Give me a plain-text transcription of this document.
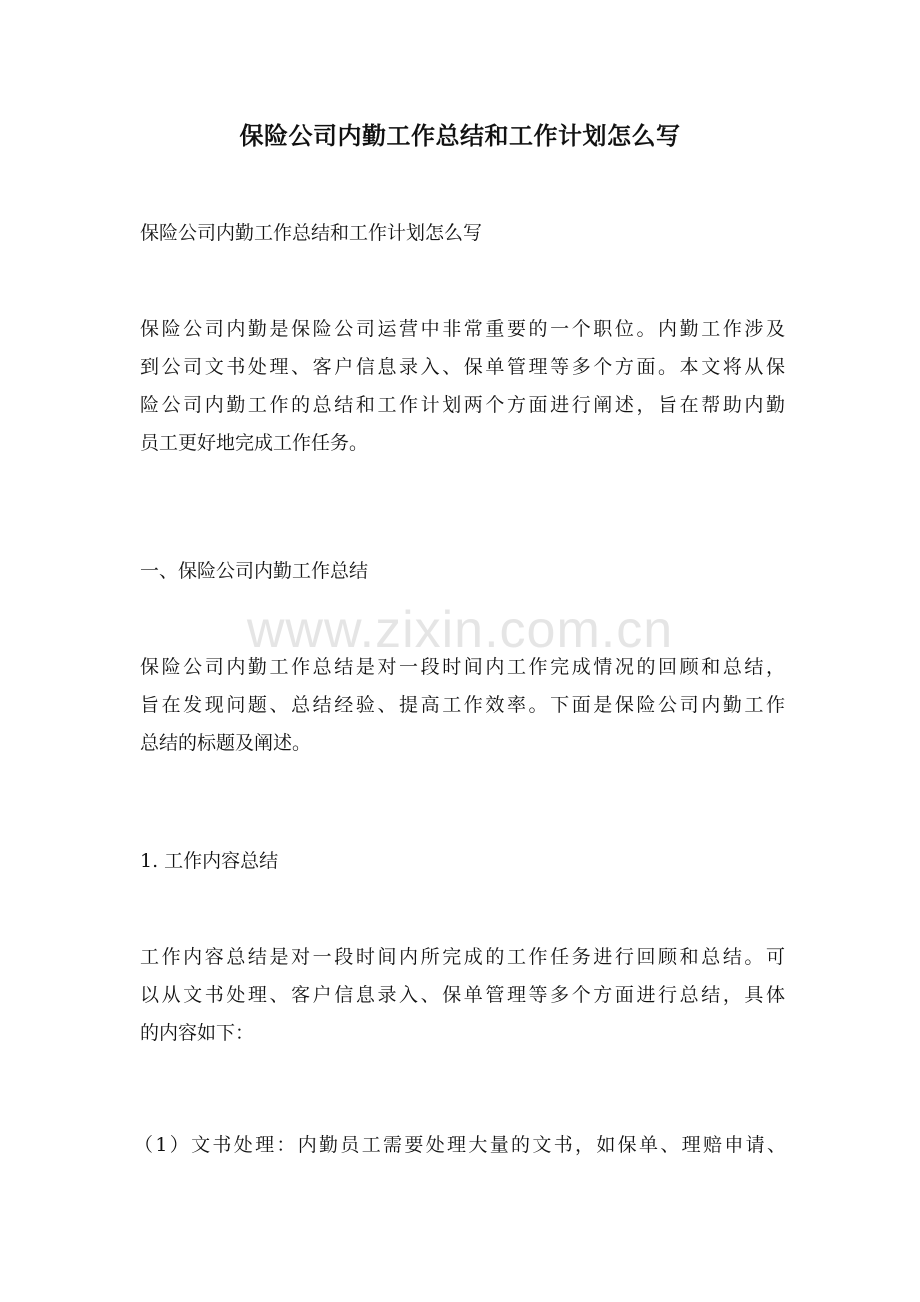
保险公司内勤工作总结和工作计划怎么写
保险公司内勤工作总结和工作计划怎么写
保险公司内勤是保险公司运营中非常重要的一个职位。内勤工作涉及
到公司文书处理、客户信息录入、保单管理等多个方面。本文将从保
险公司内勤工作的总结和工作计划两个方面进行阐述，旨在帮助内勤
员工更好地完成工作任务。
一、保险公司内勤工作总结
保险公司内勤工作总结是对一段时间内工作完成情况的回顾和总结，
旨在发现问题、总结经验、提高工作效率。下面是保险公司内勤工作
总结的标题及阐述。
1. 工作内容总结
工作内容总结是对一段时间内所完成的工作任务进行回顾和总结。可
以从文书处理、客户信息录入、保单管理等多个方面进行总结，具体
的内容如下：
（1）文书处理：内勤员工需要处理大量的文书，如保单、理赔申请、
www.zixin.com.cn
